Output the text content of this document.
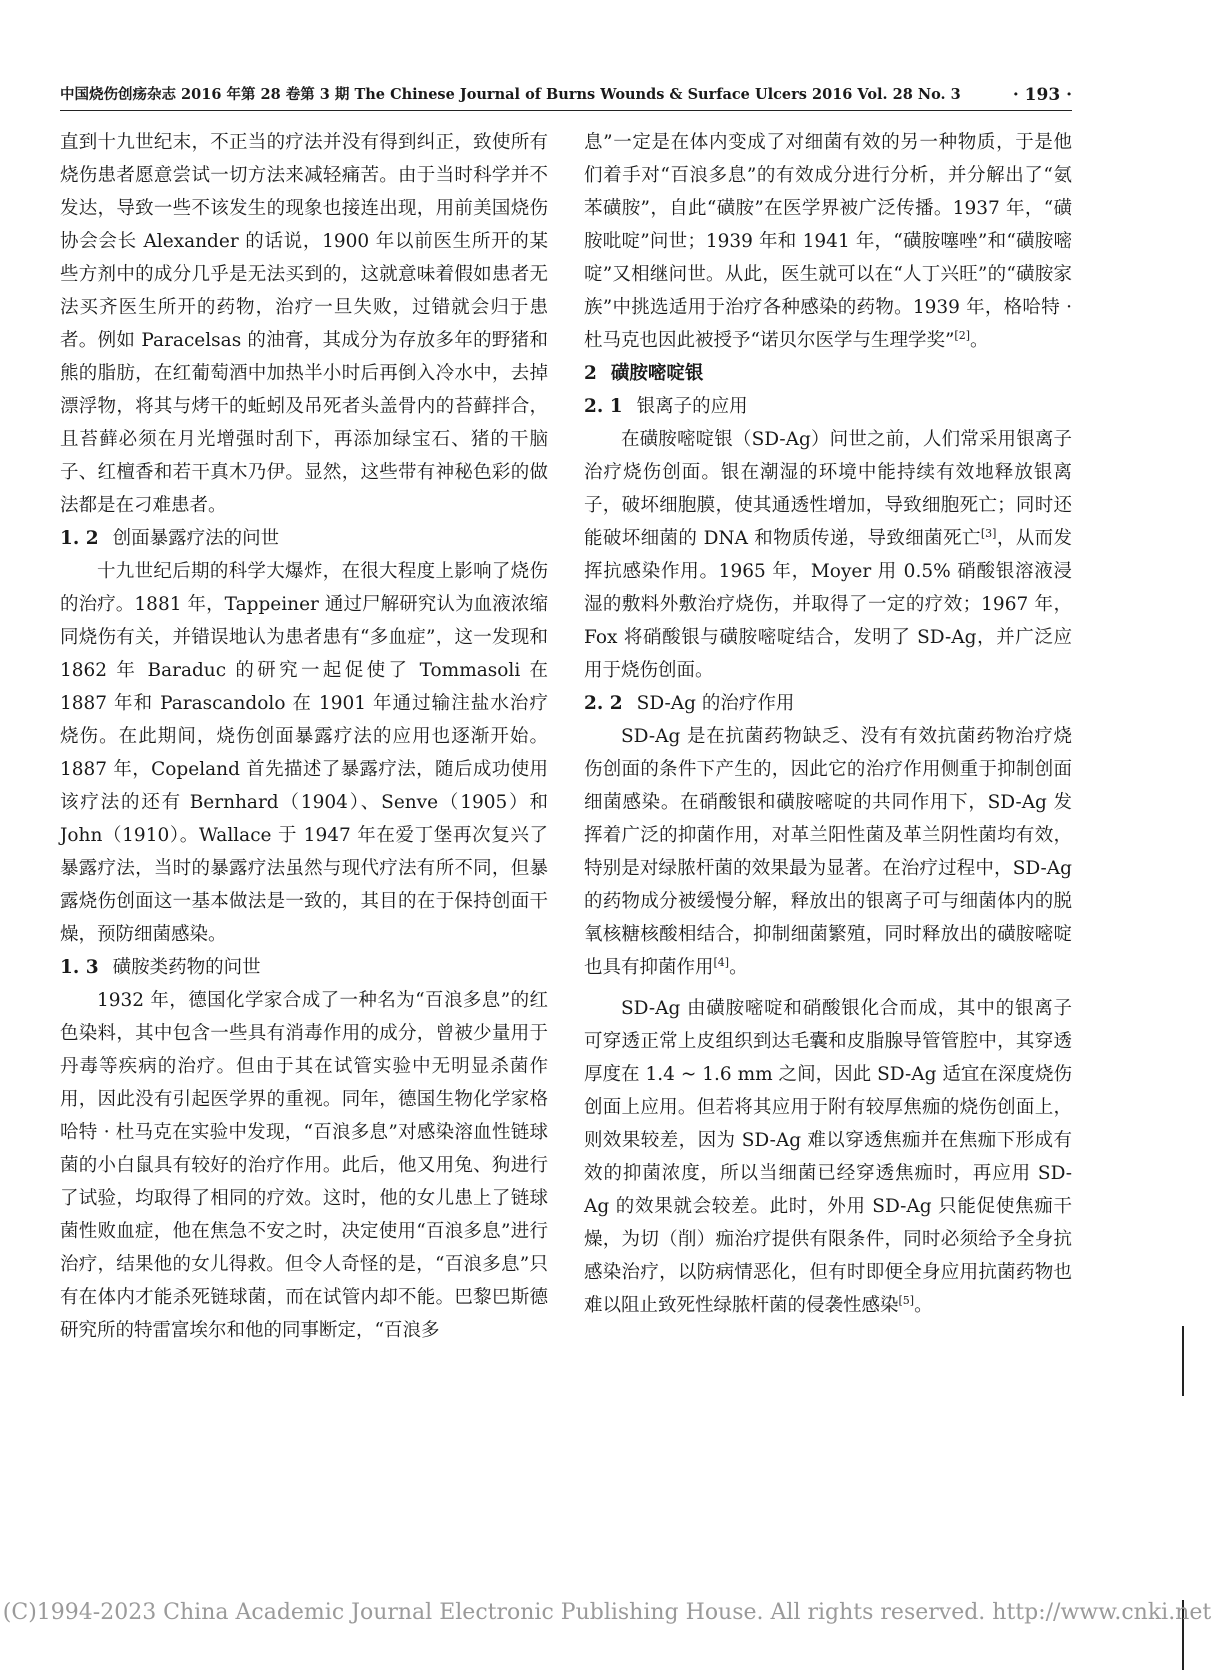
中国烧伤创疡杂志 2016 年第 28 卷第 3 期 The Chinese Journal of Burns Wounds & Surface Ulcers 2016 Vol. 28 No. 3	· 193 ·

直到十九世纪末，不正当的疗法并没有得到纠正，致使所有烧伤患者愿意尝试一切方法来减轻痛苦。由于当时科学并不发达，导致一些不该发生的现象也接连出现，用前美国烧伤协会会长 Alexander 的话说，1900 年以前医生所开的某些方剂中的成分几乎是无法买到的，这就意味着假如患者无法买齐医生所开的药物，治疗一旦失败，过错就会归于患者。例如 Paracelsas 的油膏，其成分为存放多年的野猪和熊的脂肪，在红葡萄酒中加热半小时后再倒入冷水中，去掉漂浮物，将其与烤干的蚯蚓及吊死者头盖骨内的苔藓拌合，且苔藓必须在月光增强时刮下，再添加绿宝石、猪的干脑子、红檀香和若干真木乃伊。显然，这些带有神秘色彩的做法都是在刁难患者。

1. 2 创面暴露疗法的问世

十九世纪后期的科学大爆炸，在很大程度上影响了烧伤的治疗。1881 年，Tappeiner 通过尸解研究认为血液浓缩同烧伤有关，并错误地认为患者患有“多血症”，这一发现和 1862 年 Baraduc 的研究一起促使了 Tommasoli 在 1887 年和 Parascandolo 在 1901 年通过输注盐水治疗烧伤。在此期间，烧伤创面暴露疗法的应用也逐渐开始。1887 年，Copeland 首先描述了暴露疗法，随后成功使用该疗法的还有 Bernhard（1904）、Senve（1905）和 John（1910）。Wallace 于 1947 年在爱丁堡再次复兴了暴露疗法，当时的暴露疗法虽然与现代疗法有所不同，但暴露烧伤创面这一基本做法是一致的，其目的在于保持创面干燥，预防细菌感染。

1. 3 磺胺类药物的问世

1932 年，德国化学家合成了一种名为“百浪多息”的红色染料，其中包含一些具有消毒作用的成分，曾被少量用于丹毒等疾病的治疗。但由于其在试管实验中无明显杀菌作用，因此没有引起医学界的重视。同年，德国生物化学家格哈特 · 杜马克在实验中发现，“百浪多息”对感染溶血性链球菌的小白鼠具有较好的治疗作用。此后，他又用兔、狗进行了试验，均取得了相同的疗效。这时，他的女儿患上了链球菌性败血症，他在焦急不安之时，决定使用“百浪多息”进行治疗，结果他的女儿得救。但令人奇怪的是，“百浪多息”只有在体内才能杀死链球菌，而在试管内却不能。巴黎巴斯德研究所的特雷富埃尔和他的同事断定，“百浪多

息”一定是在体内变成了对细菌有效的另一种物质，于是他们着手对“百浪多息”的有效成分进行分析，并分解出了“氨苯磺胺”，自此“磺胺”在医学界被广泛传播。1937 年，“磺胺吡啶”问世；1939 年和 1941 年，“磺胺噻唑”和“磺胺嘧啶”又相继问世。从此，医生就可以在“人丁兴旺”的“磺胺家族”中挑选适用于治疗各种感染的药物。1939 年，格哈特 · 杜马克也因此被授予“诺贝尔医学与生理学奖”[2]。

2 磺胺嘧啶银
2. 1 银离子的应用

在磺胺嘧啶银（SD-Ag）问世之前，人们常采用银离子治疗烧伤创面。银在潮湿的环境中能持续有效地释放银离子，破坏细胞膜，使其通透性增加，导致细胞死亡；同时还能破坏细菌的 DNA 和物质传递，导致细菌死亡[3]，从而发挥抗感染作用。1965 年，Moyer 用 0.5% 硝酸银溶液浸湿的敷料外敷治疗烧伤，并取得了一定的疗效；1967 年，Fox 将硝酸银与磺胺嘧啶结合，发明了 SD-Ag，并广泛应用于烧伤创面。

2. 2 SD-Ag 的治疗作用

SD-Ag 是在抗菌药物缺乏、没有有效抗菌药物治疗烧伤创面的条件下产生的，因此它的治疗作用侧重于抑制创面细菌感染。在硝酸银和磺胺嘧啶的共同作用下，SD-Ag 发挥着广泛的抑菌作用，对革兰阳性菌及革兰阴性菌均有效，特别是对绿脓杆菌的效果最为显著。在治疗过程中，SD-Ag 的药物成分被缓慢分解，释放出的银离子可与细菌体内的脱氧核糖核酸相结合，抑制细菌繁殖，同时释放出的磺胺嘧啶也具有抑菌作用[4]。

SD-Ag 由磺胺嘧啶和硝酸银化合而成，其中的银离子可穿透正常上皮组织到达毛囊和皮脂腺导管管腔中，其穿透厚度在 1.4 ~ 1.6 mm 之间，因此 SD-Ag 适宜在深度烧伤创面上应用。但若将其应用于附有较厚焦痂的烧伤创面上，则效果较差，因为 SD-Ag 难以穿透焦痂并在焦痂下形成有效的抑菌浓度，所以当细菌已经穿透焦痂时，再应用 SD-Ag 的效果就会较差。此时，外用 SD-Ag 只能促使焦痂干燥，为切（削）痂治疗提供有限条件，同时必须给予全身抗感染治疗，以防病情恶化，但有时即便全身应用抗菌药物也难以阻止致死性绿脓杆菌的侵袭性感染[5]。

(C)1994-2023 China Academic Journal Electronic Publishing House. All rights reserved. http://www.cnki.net
